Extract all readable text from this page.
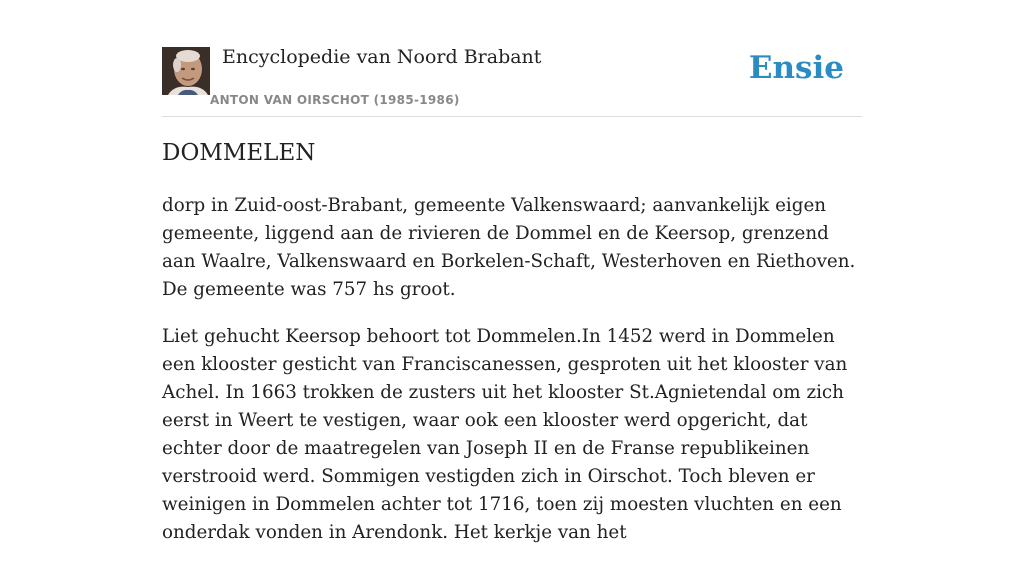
Encyclopedie van Noord Brabant
ANTON VAN OIRSCHOT (1985-1986)
Ensie
DOMMELEN

dorp in Zuid-oost-Brabant, gemeente Valkenswaard; aanvankelijk eigen gemeente, liggend aan de rivieren de Dommel en de Keersop, grenzend aan Waalre, Valkenswaard en Borkelen-Schaft, Westerhoven en Riethoven. De gemeente was 757 hs groot.

Liet gehucht Keersop behoort tot Dommelen.In 1452 werd in Dommelen een klooster gesticht van Franciscanessen, gesproten uit het klooster van Achel. In 1663 trokken de zusters uit het klooster St.Agnietendal om zich eerst in Weert te vestigen, waar ook een klooster werd opgericht, dat echter door de maatregelen van Joseph II en de Franse republikeinen verstrooid werd. Sommigen vestigden zich in Oirschot. Toch bleven er weinigen in Dommelen achter tot 1716, toen zij moesten vluchten en een onderdak vonden in Arendonk. Het kerkje van het
